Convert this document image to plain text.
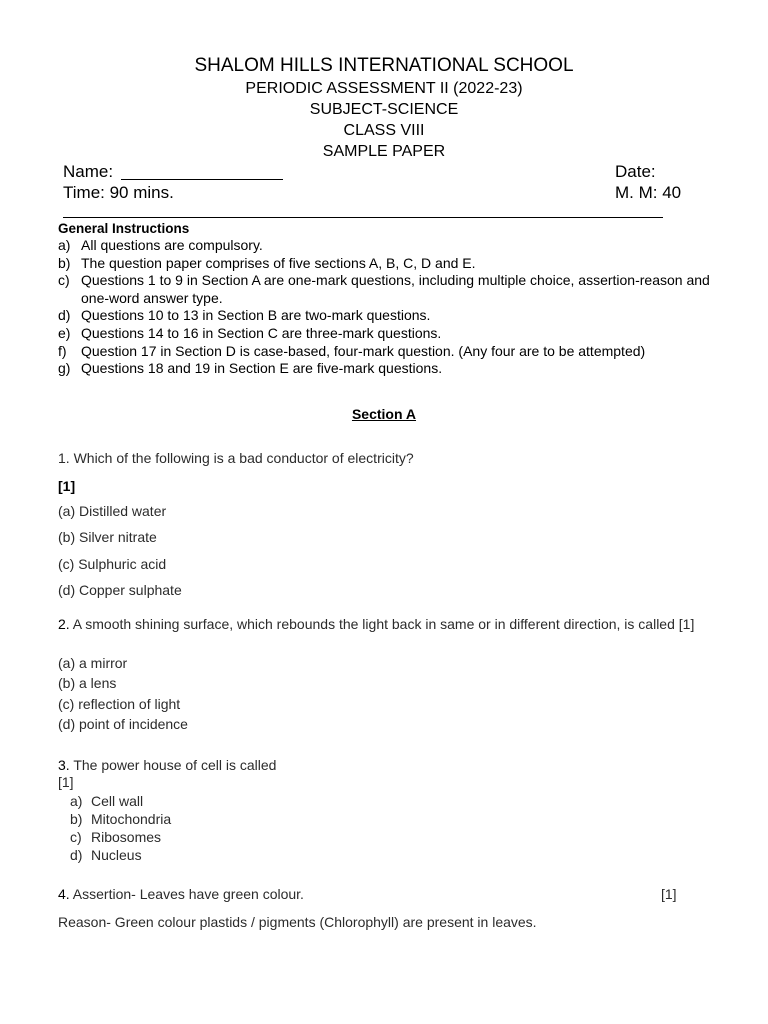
SHALOM HILLS INTERNATIONAL SCHOOL
PERIODIC ASSESSMENT II (2022-23)
SUBJECT-SCIENCE
CLASS VIII
SAMPLE PAPER
Name:	Date:
Time: 90 mins.	M. M: 40
General Instructions
a) All questions are compulsory.
b) The question paper comprises of five sections A, B, C, D and E.
c) Questions 1 to 9 in Section A are one-mark questions, including multiple choice, assertion-reason and one-word answer type.
d) Questions 10 to 13 in Section B are two-mark questions.
e) Questions 14 to 16 in Section C are three-mark questions.
f)	Question 17 in Section D is case-based, four-mark question. (Any four are to be attempted)
g) Questions 18 and 19 in Section E are five-mark questions.
Section A
1. Which of the following is a bad conductor of electricity?
[1]
(a) Distilled water
(b) Silver nitrate
(c) Sulphuric acid
(d) Copper sulphate
2. A smooth shining surface, which rebounds the light back in same or in different direction, is called [1]
(a) a mirror
(b) a lens
(c) reflection of light
(d) point of incidence
3. The power house of cell is called
[1]
a) Cell wall
b) Mitochondria
c) Ribosomes
d) Nucleus
4. Assertion- Leaves have green colour.	[1]
Reason- Green colour plastids / pigments (Chlorophyll) are present in leaves.
